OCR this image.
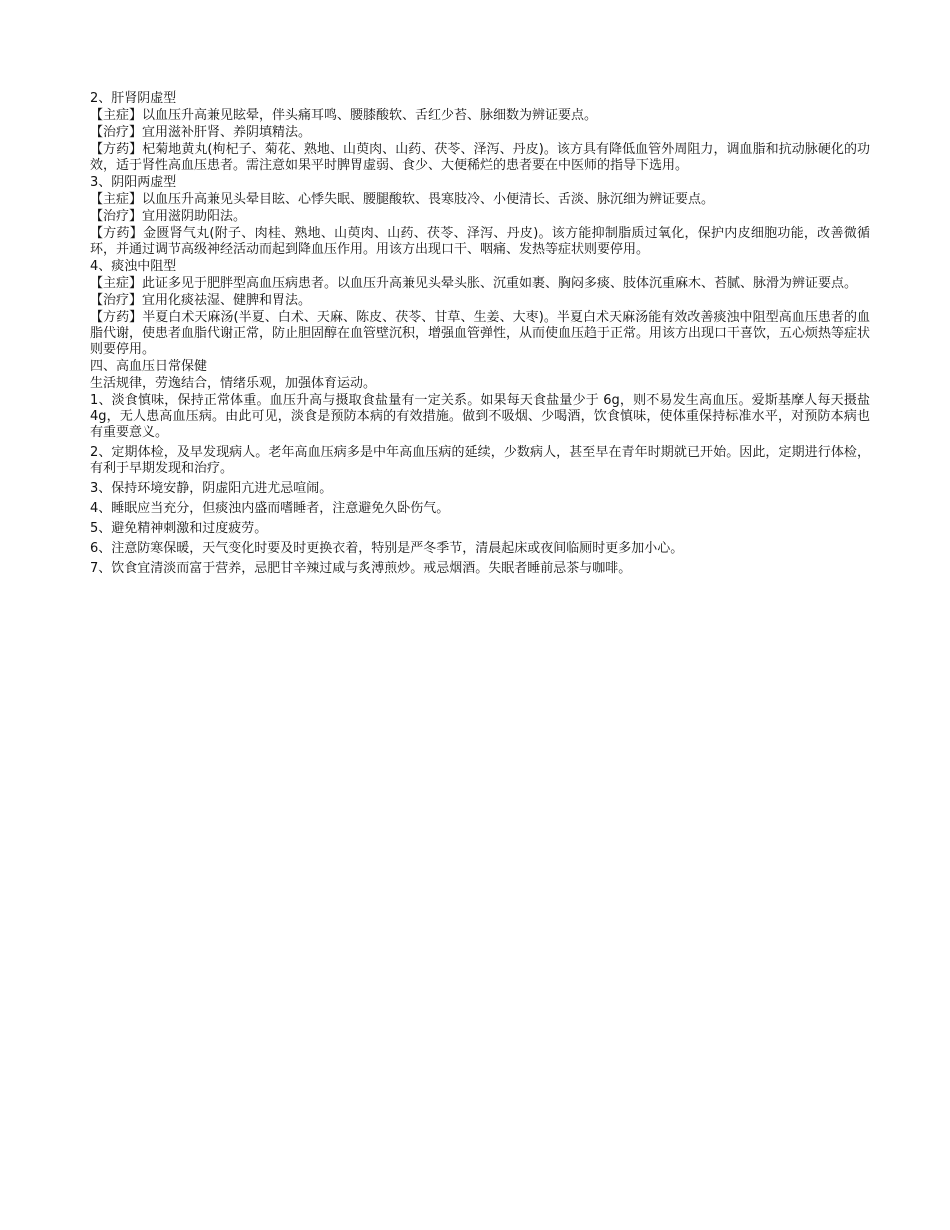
2、肝肾阴虚型

【主症】以血压升高兼见眩晕，伴头痛耳鸣、腰膝酸软、舌红少苔、脉细数为辨证要点。

【治疗】宜用滋补肝肾、养阴填精法。

【方药】杞菊地黄丸(枸杞子、菊花、熟地、山萸肉、山药、茯苓、泽泻、丹皮)。该方具有降低血管外周阻力，调血脂和抗动脉硬化的功效，适于肾性高血压患者。需注意如果平时脾胃虚弱、食少、大便稀烂的患者要在中医师的指导下选用。

3、阴阳两虚型

【主症】以血压升高兼见头晕目眩、心悸失眠、腰腿酸软、畏寒肢冷、小便清长、舌淡、脉沉细为辨证要点。

【治疗】宜用滋阴助阳法。

【方药】金匮肾气丸(附子、肉桂、熟地、山萸肉、山药、茯苓、泽泻、丹皮)。该方能抑制脂质过氧化，保护内皮细胞功能，改善微循环，并通过调节高级神经活动而起到降血压作用。用该方出现口干、咽痛、发热等症状则要停用。

4、痰浊中阻型

【主症】此证多见于肥胖型高血压病患者。以血压升高兼见头晕头胀、沉重如裹、胸闷多痰、肢体沉重麻木、苔腻、脉滑为辨证要点。

【治疗】宜用化痰祛湿、健脾和胃法。

【方药】半夏白术天麻汤(半夏、白术、天麻、陈皮、茯苓、甘草、生姜、大枣)。半夏白术天麻汤能有效改善痰浊中阻型高血压患者的血脂代谢，使患者血脂代谢正常，防止胆固醇在血管壁沉积，增强血管弹性，从而使血压趋于正常。用该方出现口干喜饮，五心烦热等症状则要停用。

四、高血压日常保健

生活规律，劳逸结合，情绪乐观，加强体育运动。

1、淡食慎味，保持正常体重。血压升高与摄取食盐量有一定关系。如果每天食盐量少于 6g，则不易发生高血压。爱斯基摩人每天摄盐 4g，无人患高血压病。由此可见，淡食是预防本病的有效措施。做到不吸烟、少喝酒，饮食慎味，使体重保持标准水平，对预防本病也有重要意义。

2、定期体检，及早发现病人。老年高血压病多是中年高血压病的延续，少数病人，甚至早在青年时期就已开始。因此，定期进行体检，有利于早期发现和治疗。

3、保持环境安静，阴虚阳亢进尤忌喧闹。

4、睡眠应当充分，但痰浊内盛而嗜睡者，注意避免久卧伤气。

5、避免精神刺激和过度疲劳。

6、注意防寒保暖，天气变化时要及时更换衣着，特别是严冬季节，清晨起床或夜间临厕时更多加小心。

7、饮食宜清淡而富于营养，忌肥甘辛辣过咸与炙溥煎炒。戒忌烟酒。失眠者睡前忌茶与咖啡。
